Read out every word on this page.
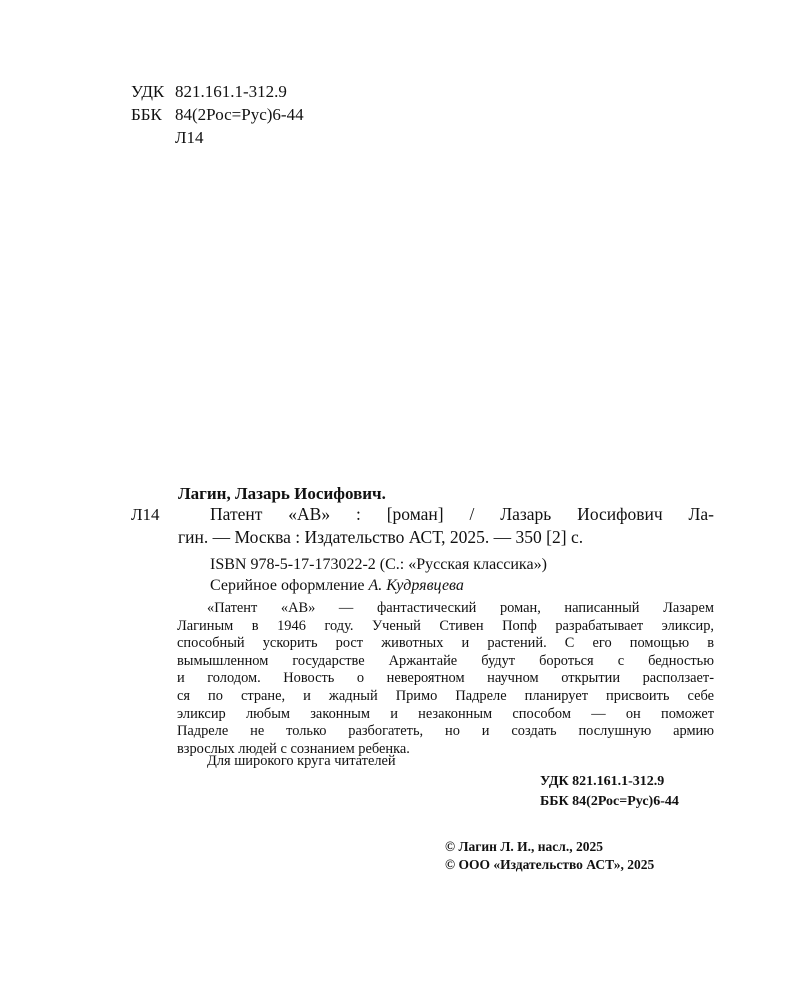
УДК 821.161.1-312.9
ББК 84(2Рос=Рус)6-44
Л14
Лагин, Лазарь Иосифович.
Л14	Патент «АВ» : [роман] / Лазарь Иосифович Ла-
гин. — Москва : Издательство АСТ, 2025. — 350 [2] с.
ISBN 978-5-17-173022-2 (С.: «Русская классика»)
Серийное оформление А. Кудрявцева
«Патент «АВ» — фантастический роман, написанный Лазарем
Лагиным в 1946 году. Ученый Стивен Попф разрабатывает эликсир,
способный ускорить рост животных и растений. С его помощью в
вымышленном государстве Аржантайе будут бороться с бедностью
и голодом. Новость о невероятном научном открытии расползает-
ся по стране, и жадный Примо Падреле планирует присвоить себе
эликсир любым законным и незаконным способом — он поможет
Падреле не только разбогатеть, но и создать послушную армию
взрослых людей с сознанием ребенка.
Для широкого круга читателей
УДК 821.161.1-312.9
ББК 84(2Рос=Рус)6-44
© Лагин Л. И., насл., 2025
© ООО «Издательство АСТ», 2025
